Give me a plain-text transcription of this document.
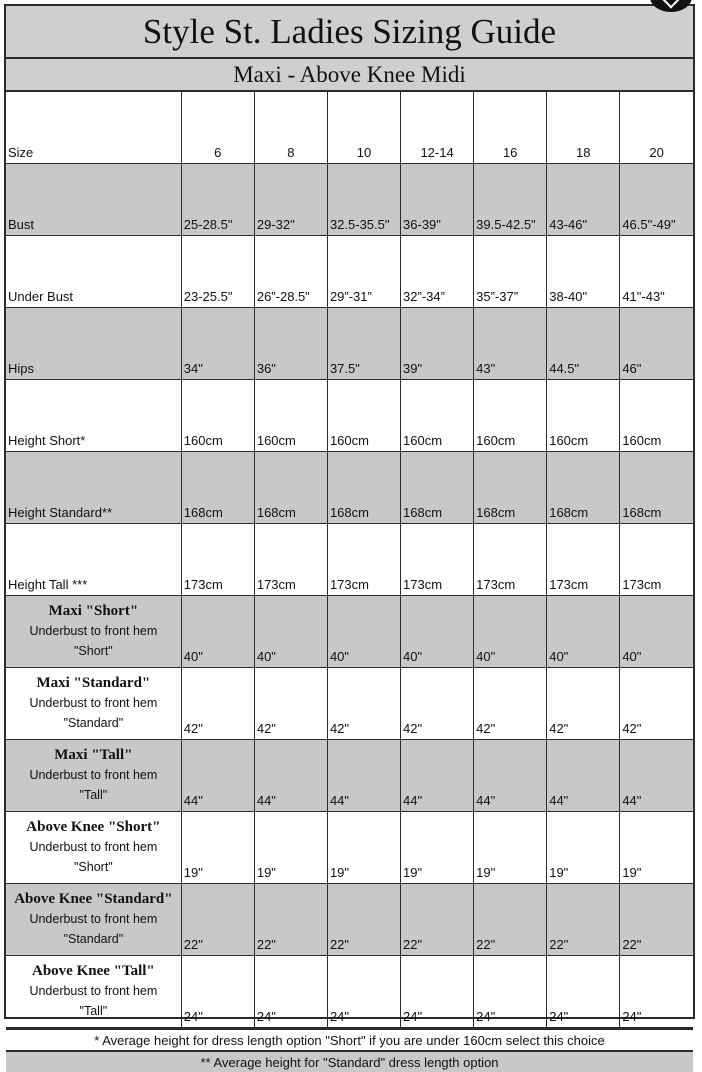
Style St. Ladies Sizing Guide
Maxi - Above Knee Midi
Size	6	8	10	12-14	16	18	20
Bust	25-28.5"	29-32"	32.5-35.5"	36-39"	39.5-42.5"	43-46"	46.5"-49"
Under Bust	23-25.5"	26”-28.5”	29”-31”	32”-34”	35”-37”	38-40"	41"-43"
Hips	34"	36"	37.5"	39"	43"	44.5"	46"
Height Short*	160cm	160cm	160cm	160cm	160cm	160cm	160cm
Height Standard**	168cm	168cm	168cm	168cm	168cm	168cm	168cm
Height Tall ***	173cm	173cm	173cm	173cm	173cm	173cm	173cm

Maxi "Short"
Underbust to front hem
"Short"	40"	40"	40"	40"	40"	40"	40"

Maxi "Standard"
Underbust to front hem
"Standard"	42"	42"	42"	42"	42"	42"	42"

Maxi "Tall"
Underbust to front hem
"Tall"	44"	44"	44"	44"	44"	44"	44"

Above Knee "Short"
Underbust to front hem
"Short"	19"	19"	19"	19"	19"	19"	19"

Above Knee "Standard"
Underbust to front hem
"Standard"	22"	22"	22"	22"	22"	22"	22"

Above Knee "Tall"
Underbust to front hem
"Tall"	24"	24"	24"	24"	24"	24"	24"
* Average height for dress length option "Short" if you are under 160cm select this choice
** Average height for "Standard" dress length option
